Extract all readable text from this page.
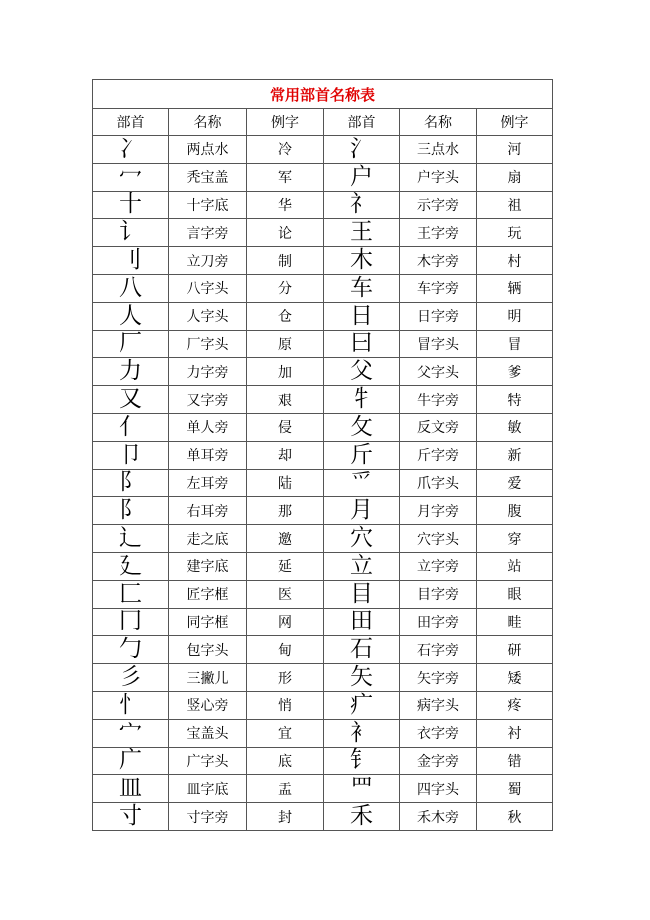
常用部首名称表					
部首	名称	例字	部首	名称	例字
冫	两点水	冷	氵	三点水	河
冖	秃宝盖	军	户	户字头	扇
十	十字底	华	礻	示字旁	祖
讠	言字旁	论	王	王字旁	玩
刂	立刀旁	制	木	木字旁	村
八	八字头	分	车	车字旁	辆
人	人字头	仓	日	日字旁	明
厂	厂字头	原	曰	冒字头	冒
力	力字旁	加	父	父字头	爹
又	又字旁	艰	牜	牛字旁	特
亻	单人旁	侵	攵	反文旁	敏
卩	单耳旁	却	斤	斤字旁	新
阝	左耳旁	陆	爫	爪字头	爱
阝	右耳旁	那	月	月字旁	腹
辶	走之底	邀	穴	穴字头	穿
廴	建字底	延	立	立字旁	站
匚	匠字框	医	目	目字旁	眼
冂	同字框	网	田	田字旁	畦
勹	包字头	甸	石	石字旁	研
彡	三撇儿	形	矢	矢字旁	矮
忄	竖心旁	悄	疒	病字头	疼
宀	宝盖头	宜	衤	衣字旁	衬
广	广字头	底	钅	金字旁	错
皿	皿字底	盂	罒	四字头	蜀
寸	寸字旁	封	禾	禾木旁	秋
